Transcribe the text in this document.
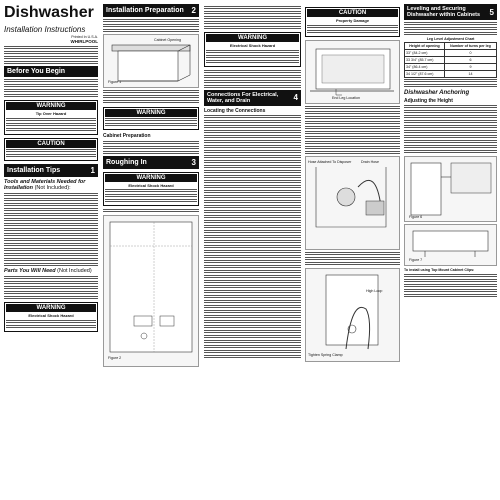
Dishwasher
Installation Instructions
Printed In U.S.A.
WHIRLPOOL
Before You Begin
WARNING
Tip Over Hazard
CAUTION
Installation Tips	1
Tools and Materials Needed for Installation (Not Included):
Parts You Will Need (Not Included)
WARNING
Electrical Shock Hazard
Installation Preparation 2
Cabinet Opening
Figure 1
WARNING
Cabinet Preparation
Roughing In	3
WARNING
Electrical Shock Hazard
Figure 2
WARNING
Electrical Shock Hazard
Connections For Electrical, Water, and Drain	4
Locating the Connections
CAUTION
Property Damage
End Leg Location
Hose Attached To Disposer	Drain Hose
Tighten Spring Clamp
High Loop
Leveling and Securing Dishwasher within Cabinets	5
Leg Level Adjustment Chart
Height of opening	Number of turns per leg
33" (84.2 cm)	0
33 3/4" (85.7 cm)	6
34" (86.4 cm)	9
34 1/2" (87.6 cm)	14
Dishwasher Anchoring
Adjusting the Height
Figure 6
Figure 7
To install using Top Mount Cabinet Clips:
